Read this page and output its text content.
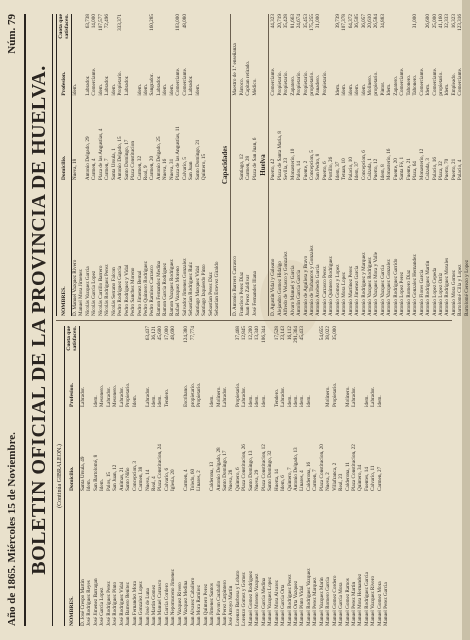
Año de 1865. Miércoles 15 de Noviembre.
Núm. 79
BOLETIN OFICIAL DE LA PROVINCIA DE HUELVA.	(Continúa GIBRALEON.)
NOMBRES.
Domicilio.
Profesion.
Cuota que satisfacen.
D. José Crespo Martin
Santa Ursula, 49
Labrador.
José Rodriguez Reyes
Idem.
José Jimenez Barragan
San Bartolomé, 8
idem.
José Garcia Lopez
Idem.
Mesonero.
José Rodriguez Perez
Palos, 15
Labrador.
José Rodriguez Pinto
San Juan, 12
Mesonero.
José Rodriguez Vidal
Animas, 21
Labrador.
Juan Barrero Benitez
Santo Niño
Propietario.
Juan Fernandez Mora
Concepcion, 3
Idem.
Juan Gonzalez Lopez
Carmen, 38
Juan José de Luna
Nueva, 14
Labrador.
63,437
Juan Martin Gomez
Real, 4
idem.
36,121
Juan Manuel Carrasco
Plaza Constitucion, 24
idem.
45,600
Juan Garcia Cordero
Calvario, 6
Tendero.
17,000
Juan Nepomuceno Jimenez
Iglesia, 20
48,690
Juan Vazquez Rivero Juan Vazquez Medina
Carmen, 4
Escribano.
124,380
Juan Alvarez Caballero
Toledo, 60
propietario.
77,774
Juan Mora Ramirez
Linares, 2
Propietario.
Juan Quintero Perez Juan Jimenez Santos
Calderona, 13
idem.
Juan Pavon Caraballo
Antonio Delgado, 28
Molinero.
Juan Perez Carpintero
Santo Domingo, 17
Labrador.
José Arroyo Martin
Nueva, 28
Lorenzo Barbosa y Lobato
Quintero, 6
Propietario.
37,468
Lorenzo Gomez y Gomez
Plaza Constitucion, 26
Labrador.
12,845
Manuel Gomez Rodriguez
Santo Domingo, 13
idem.
12,200
Manuel Moreno Vazquez
Nueva, 29
idem.
13,340
Manuel Garcia Medina
Plaza Constitucion, 12
idem.
106,344
Manuel Vazquez Lopez
Santo Domingo, 32
Manuel Mora Alvarez
Huerta, 14
Tendero.
17,528
Manuel Garcia Orta
Idem, 6
Labrador.
23,143
Manuel Rodriguez Perez
Quintero, 7
idem.
16,112
Manuel Orta Vazquez
Antonio Delgado, 13
idem.
291,364
Manuel Pinto Vidal
Linares, 4
idem.
45,433
Manuel Rodriguez Vazquez
Calderona, 16
idem.
Manuel Perez Marquez
Carmen, 7
Manuel Vazquez Marin
Plaza Constitucion, 20
54,655
Manuel Romero Garcia
Nueva, 2
Molinero.
38,022
Manuel Gomez Cordero
Villafranca, 2
Propietario.
35,000
Manuel Garcia Mora
Real, 23
Manuel Gomez Ramos
Calderona, 11
Molinero.
Manuel Perez Martin
Plaza Constitucion, 22
Labrador.
Manuel Mora Hernandez
Quintero, 34
Manuel Rodriguez Garcia
Fuentes, 14
idem.
Manuel Vazquez Rivero
Calvario, 11
Labrador.
Manuel Gomez Mora
Carmen, 27
idem.
Manuel Perez Garcia
NOMBRES.
Domicilio.
Profesion.
Cuota que satisfacen.
D. Manuel Vazquez Rivero
Nueva, 18
idem.
Manuel Mora Jimenez Nicolás Vazquez Garcia
Antonio Delgado, 29
Labrador.
63,738
Nicolás Garcia Lopez
Carmen, 4
Comerciante.
14,000
Nicolás Carrillo Barrero
Plaza de las Angustias, 4
idem.
107,577
Nicolás Rodriguez Perez
Carmen, 7
Labrador.
72,496
Nicolás Serrano Falcon
Santa Ursula, 1
idem.
Pedro Rodriguez Garcia
Antonio Delgado, 15
Propietario.
333,371
Pedro Rodriguez y Vidal
Santo Domingo, 17
Labrador.
Pedro Sanchez Moreno
Plaza Constitucion
Pedro Jimenez Bernal
Carmen, 32
idem.
Pedro Quintero Rodriguez
Real, 9
idem.
Pedro Ramirez Carrasco
Carmen, 20
Sangrador.
160,285
Ramon Fernandez Medina
Antonio Delgado, 25
Labrador.
Ramon Garcia Rodriguez
Nueva, 16
idem.
Ramon Vazquez Rodriguez
Nueva, 31
idem.
Rafael Vazquez Moreno
Plaza de las Angustias, 11
Comerciante.
103,000
Salvador Jimenez Gonzalez
Calvario, 5
Comerciante.
48,080
Sebastian Rodriguez Ruiz
San Juan
Labrador.
Santiago Marquez Vidal
Santo Domingo, 21
idem.
Santiago Izquierdo Pinto
Quintero, 15
Sebastian Perez Diaz Sebastian Estevez Giraldo
Capacidades
D. Antonio Barrero Carrasco
Maestro de 1.ª enseñanza
Francisco Perez Diaz
Santiago, 12
Párroco.
Juan Perez Zaldivar
Carmen, 28
Capitan retirado.
José Fernandez Illana
Plaza de San Juan, 6
Médico.
Huelva
D. Agustin Vidal y Galeano
Puerto, 42
Comerciante.
44,323
Alejandro Gomez Hidalgo
Plaza de Santa Maria, 8
Propietario.
20,719
Alfredo de Velasco y Gonzalez
Sevilla, 23
Propietario.
35,428
Alvaro Manuel y Garcia
Monasterio, 10
Zapatero.
81,663
Antolin Garcia Garcia
Palos, 14
Propietario.
24,674
Antonio de Aguilera y Bravo
Fuente, 2
Propietario.
35,453
Antonio de Trabancos y Gonzalez
Concepcion, 5
propietario.
175,255
Antonio Acebedo Garcia
San Pedro, 8
Panadero.
31,000
Antonio Carrasco Perez
Puerto, 6
Propietario.
Antonio Quintero Rodriguez
Portillo, 26
Antonio Gomez y Lopez
Idem, 37
Idem.
39,739
Antonio Mora Lopez
Tetuan, 10
idem.
107,378
Antonio Martinez Perez
Palacio, 10
idem.
64,372
Antonio Jimenez Garcia
Idem, 37
idem.
36,505
Antonio Rodriguez y Marquez
Concepcion, 6
idem.
36,057
Antonio Vazquez Rodriguez
Calzada, 1
Molinero.
20,610
Antonio Vazquez Mora y Valle
Puerto, 12
propietario.
26,584
Antonio Vazquez Garcia
Idem, 8
Pintor.
34,883
Antonio Vazquez Gonzalez
Monasterio, 16
Idem.
Antonio Rodriguez Garrido
Fuente, 20
Zapatero.
Antonio Lopez Perez
Santa Fé, 1
Comerciante.
Antonio Romero Diaz
Fuente, 21
Tahonero.
Antonio Gonzalez Hernandez
Plaza, 64
Tahonero.
31,000
Antonio Flores Garcia
Monasterio, 12
Comerciante.
Antonio Rodriguez Martin
Calzada, 3
Idem.
26,600
Antonio Lopez Cepeda
Palacio, 16
Comerciante.
25,000
Antonio Lopez Ortiz
Plaza, 32
propietario.
41,160
Antonio Rodriguez Morales
Puerto, 70
Idem.
32,333
Antonio Mora Gomez
Puerto, 21
Empleado.
16,323
Bartolomé Cilla y Lopez
Palacio, 4
Comerciante.
123,316
Bartolomé Cerezo y Lopez
